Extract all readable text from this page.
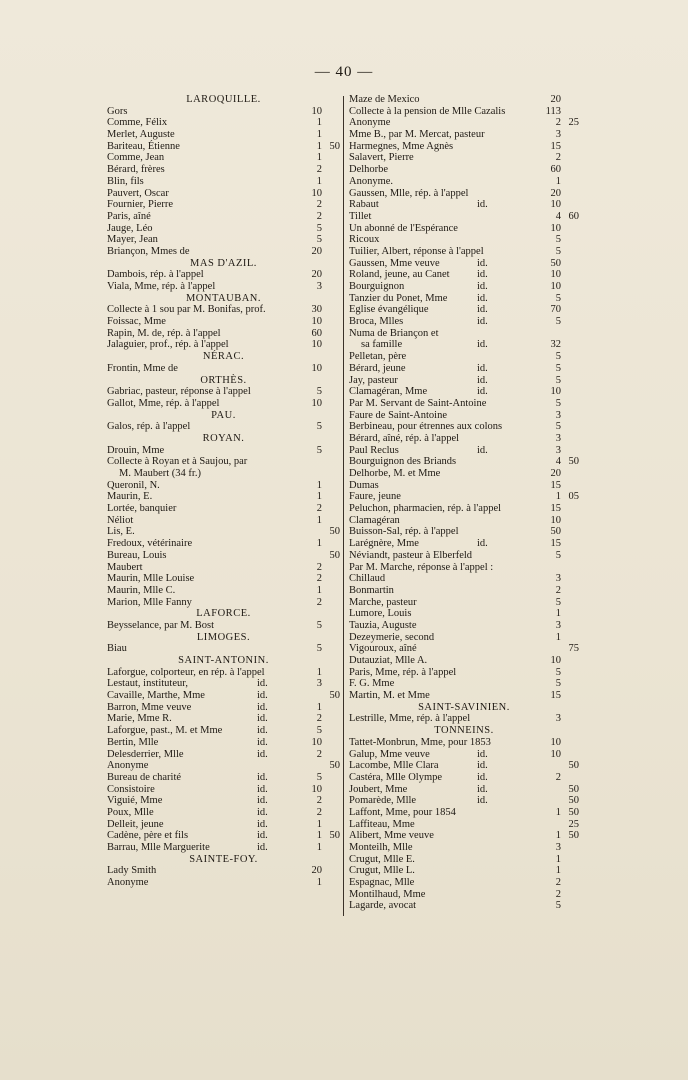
— 40 —
LAROQUILLE.
Gors	10
Comme, Félix	1
Merlet, Auguste	1
Bariteau, Étienne	1 50
Comme, Jean	1
Bérard, frères	2
Blin, fils	1
Pauvert, Oscar	10
Fournier, Pierre	2
Paris, aîné	2
Jauge, Léo	5
Mayer, Jean	5
Briançon, Mmes de	20
MAS D'AZIL.
Dambois, rép. à l'appel	20
Viala, Mme, rép. à l'appel	3
MONTAUBAN.
Collecte à 1 sou par M. Bonifas, prof.	30
Foissac, Mme	10
Rapin, M. de, rép. à l'appel	60
Jalaguier, prof., rép. à l'appel	10
NÉRAC.
Frontin, Mme de	10
ORTHÈS.
Gabriac, pasteur, réponse à l'appel	5
Gallot, Mme, rép. à l'appel	10
PAU.
Galos, rép. à l'appel	5
ROYAN.
Drouin, Mme	5
Collecte à Royan et à Saujou, par
M. Maubert (34 fr.)
Queronil, N.	1
Maurin, E.	1
Lortée, banquier	2
Néliot	1
Lis, E.	50
Fredoux, vétérinaire	1
Bureau, Louis	50
Maubert	2
Maurin, Mlle Louise	2
Maurin, Mlle C.	1
Marion, Mlle Fanny	2
LAFORCE.
Beysselance, par M. Bost	5
LIMOGES.
Biau	5
SAINT-ANTONIN.
Laforgue, colporteur, en rép. à l'appel	1
Lestaut, instituteur,	id.	3
Cavaille, Marthe, Mme	id.	50
Barron, Mme veuve	id.	1
Marie, Mme R.	id.	2
Laforgue, past., M. et Mme	id.	5
Bertin, Mlle	id.	10
Delesderrier, Mlle	id.	2
Anonyme	50
Bureau de charité	id.	5
Consistoire	id.	10
Viguié, Mme	id.	2
Poux, Mlle	id.	2
Delleit, jeune	id.	1
Cadène, père et fils	id.	1 50
Barrau, Mlle Marguerite	id.	1
SAINTE-FOY.
Lady Smith	20
Anonyme	1
Maze de Mexico	20
Collecte à la pension de Mlle Cazalis	113
Anonyme	2 25
Mme B., par M. Mercat, pasteur	3
Harmegnes, Mme Agnès	15
Salavert, Pierre	2
Delhorbe	60
Anonyme.	1
Gaussen, Mlle, rép. à l'appel	20
Rabaut	id.	10
Tillet	4 60
Un abonné de l'Espérance	10
Ricoux	5
Tuilier, Albert, réponse à l'appel	5
Gaussen, Mme veuve	id.	50
Roland, jeune, au Canet	id.	10
Bourguignon	id.	10
Tanzier du Ponet, Mme	id.	5
Eglise évangélique	id.	70
Broca, Mlles	id.	5
Numa de Briançon et
sa famille	id.	32
Pelletan, père	5
Bérard, jeune	id.	5
Jay, pasteur	id.	5
Clamagéran, Mme	id.	10
Par M. Servant de Saint-Antoine	5
Faure de Saint-Antoine	3
Berbineau, pour étrennes aux colons	5
Bérard, aîné, rép. à l'appel	3
Paul Reclus	id.	3
Bourguignon des Briands	4 50
Delhorbe, M. et Mme	20
Dumas	15
Faure, jeune	1 05
Peluchon, pharmacien, rép. à l'appel	15
Clamagéran	10
Buisson-Sal, rép. à l'appel	50
Larégnère, Mme	id.	15
Néviandt, pasteur à Elberfeld	5
Par M. Marche, réponse à l'appel :
Chillaud	3
Bonmartin	2
Marche, pasteur	5
Lumore, Louis	1
Tauzia, Auguste	3
Dezeymerie, second	1
Vigouroux, aîné	75
Dutauziat, Mlle A.	10
Paris, Mme, rép. à l'appel	5
F. G. Mme	5
Martin, M. et Mme	15
SAINT-SAVINIEN.
Lestrille, Mme, rép. à l'appel	3
TONNEINS.
Tattet-Monbrun, Mme, pour 1853	10
Galup, Mme veuve	id.	10
Lacombe, Mlle Clara	id.	50
Castéra, Mlle Olympe	id.	2
Joubert, Mme	id.	50
Pomarède, Mlle	id.	50
Laffont, Mme, pour 1854	1 50
Laffiteau, Mme	25
Alibert, Mme veuve	1 50
Monteilh, Mlle	3
Crugut, Mlle E.	1
Crugut, Mlle L.	1
Espagnac, Mlle	2
Montilhaud, Mme	2
Lagarde, avocat	5
